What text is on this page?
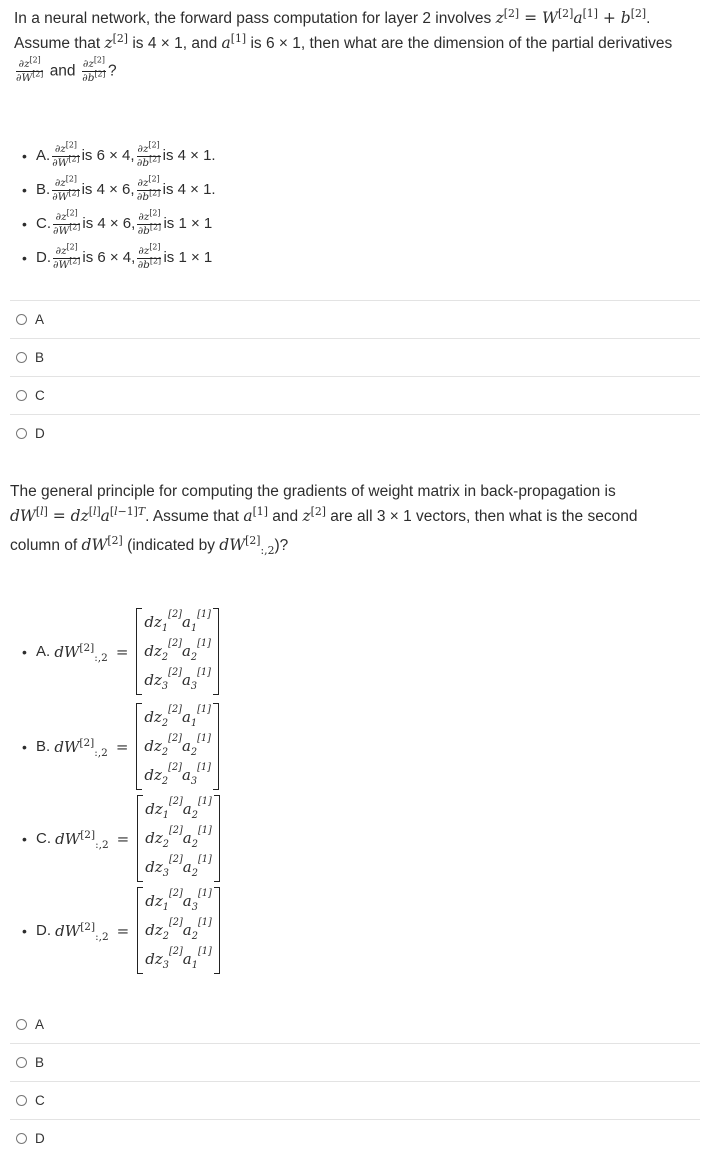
In a neural network, the forward pass computation for layer 2 involves z[2] = W[2]a[1] + b[2].
Assume that z[2] is 4 × 1, and a[1] is 6 × 1, then what are the dimension of the partial derivatives
$\frac{\partial z^{[2]}}{\partial W^{[2]}}$ and $\frac{\partial z^{[2]}}{\partial b^{[2]}}$ ?
• A. $\frac{\partial z^{[2]}}{\partial W^{[2]}}$ is 6 × 4, $\frac{\partial z^{[2]}}{\partial b^{[2]}}$ is 4 × 1.
• B. $\frac{\partial z^{[2]}}{\partial W^{[2]}}$ is 4 × 6, $\frac{\partial z^{[2]}}{\partial b^{[2]}}$ is 4 × 1.
• C. $\frac{\partial z^{[2]}}{\partial W^{[2]}}$ is 4 × 6, $\frac{\partial z^{[2]}}{\partial b^{[2]}}$ is 1 × 1
• D. $\frac{\partial z^{[2]}}{\partial W^{[2]}}$ is 6 × 4, $\frac{\partial z^{[2]}}{\partial b^{[2]}}$ is 1 × 1
A
B
C
D
The general principle for computing the gradients of weight matrix in back-propagation is
$dW[l] = dz[l]a^{[l-1]T}$. Assume that a[1] and z[2] are all 3 × 1 vectors, then what is the second
column of dW[2] (indicated by $dW[2]_{:,2}$)?
• A.
$dW[2]_{:,2}$ =
$dz_1[2]a_1[1]$
$dz_2[2]a_2[1]$
$dz_3[2]a_3[1]$
• B.
$dW[2]_{:,2}$ =
$dz_2[2]a_1[1]$
$dz_2[2]a_2[1]$
$dz_2[2]a_3[1]$
• C.
$dW[2]_{:,2}$ =
$dz_1[2]a_2[1]$
$dz_2[2]a_2[1]$
$dz_3[2]a_2[1]$
• D.
$dW[2]_{:,2}$ =
$dz_1[2]a_3[1]$
$dz_2[2]a_2[1]$
$dz_3[2]a_1[1]$
A
B
C
D
